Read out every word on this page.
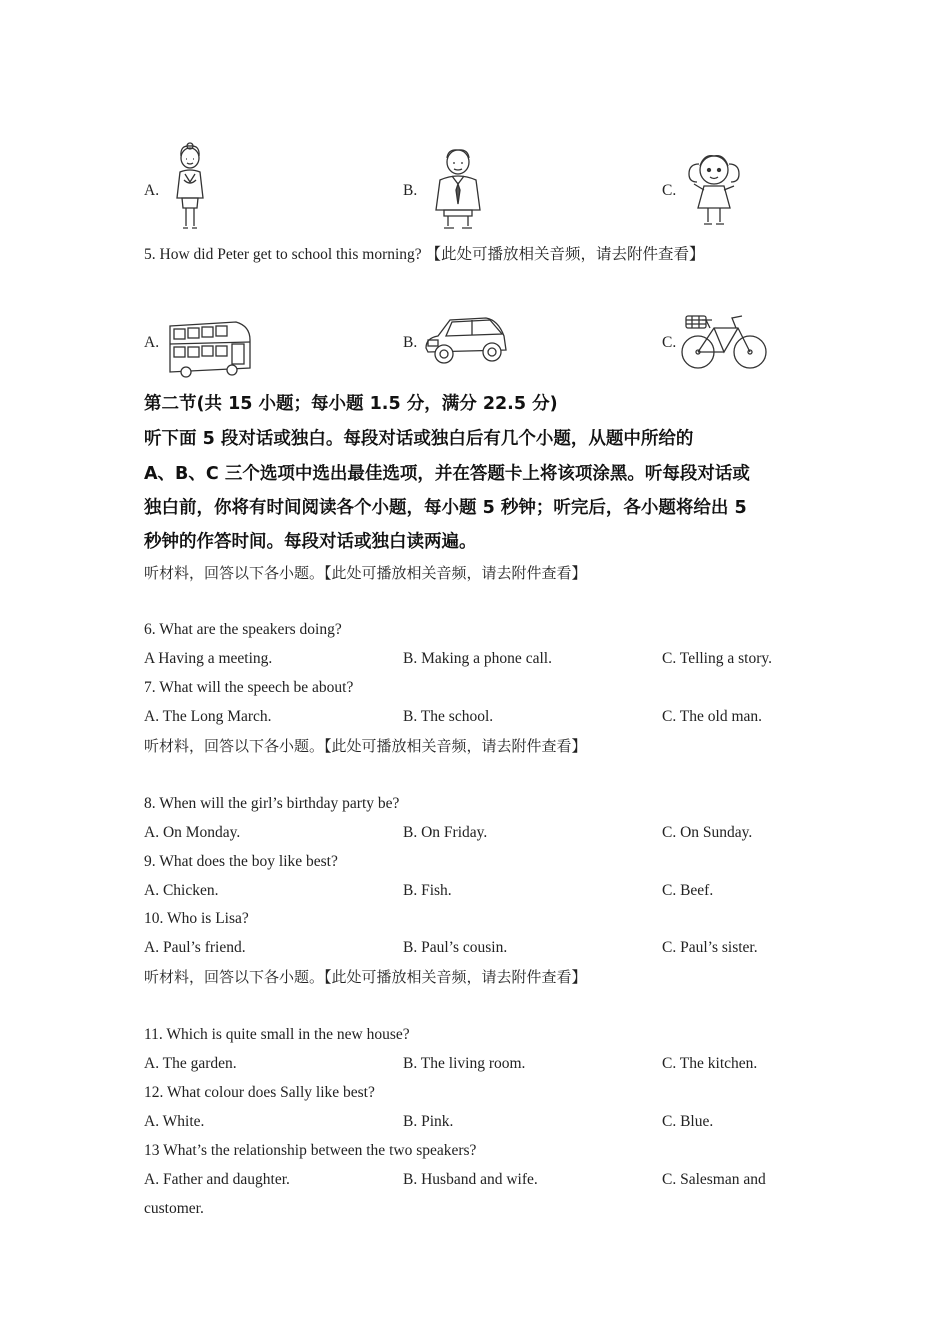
A.	B.	C.
5. How did Peter get to school this morning? 【此处可播放相关音频，请去附件查看】
A.	B.	C.
第二节(共 15 小题；每小题 1.5 分，满分 22.5 分)
听下面 5 段对话或独白。每段对话或独白后有几个小题，从题中所给的
A、B、C 三个选项中选出最佳选项，并在答题卡上将该项涂黑。听每段对话或
独白前，你将有时间阅读各个小题，每小题 5 秒钟；听完后，各小题将给出 5
秒钟的作答时间。每段对话或独白读两遍。
听材料，回答以下各小题。【此处可播放相关音频，请去附件查看】
6. What are the speakers doing?
A Having a meeting.	B. Making a phone call.	C. Telling a story.
7. What will the speech be about?
A. The Long March.	B. The school.	C. The old man.
听材料，回答以下各小题。【此处可播放相关音频，请去附件查看】
8. When will the girl’s birthday party be?
A. On Monday.	B. On Friday.	C. On Sunday.
9. What does the boy like best?
A. Chicken.	B. Fish.	C. Beef.
10. Who is Lisa?
A. Paul’s friend.	B. Paul’s cousin.	C. Paul’s sister.
听材料，回答以下各小题。【此处可播放相关音频，请去附件查看】
11. Which is quite small in the new house?
A. The garden.	B. The living room.	C. The kitchen.
12. What colour does Sally like best?
A. White.	B. Pink.	C. Blue.
13 What’s the relationship between the two speakers?
A. Father and daughter.	B. Husband and wife.	C. Salesman and
customer.
